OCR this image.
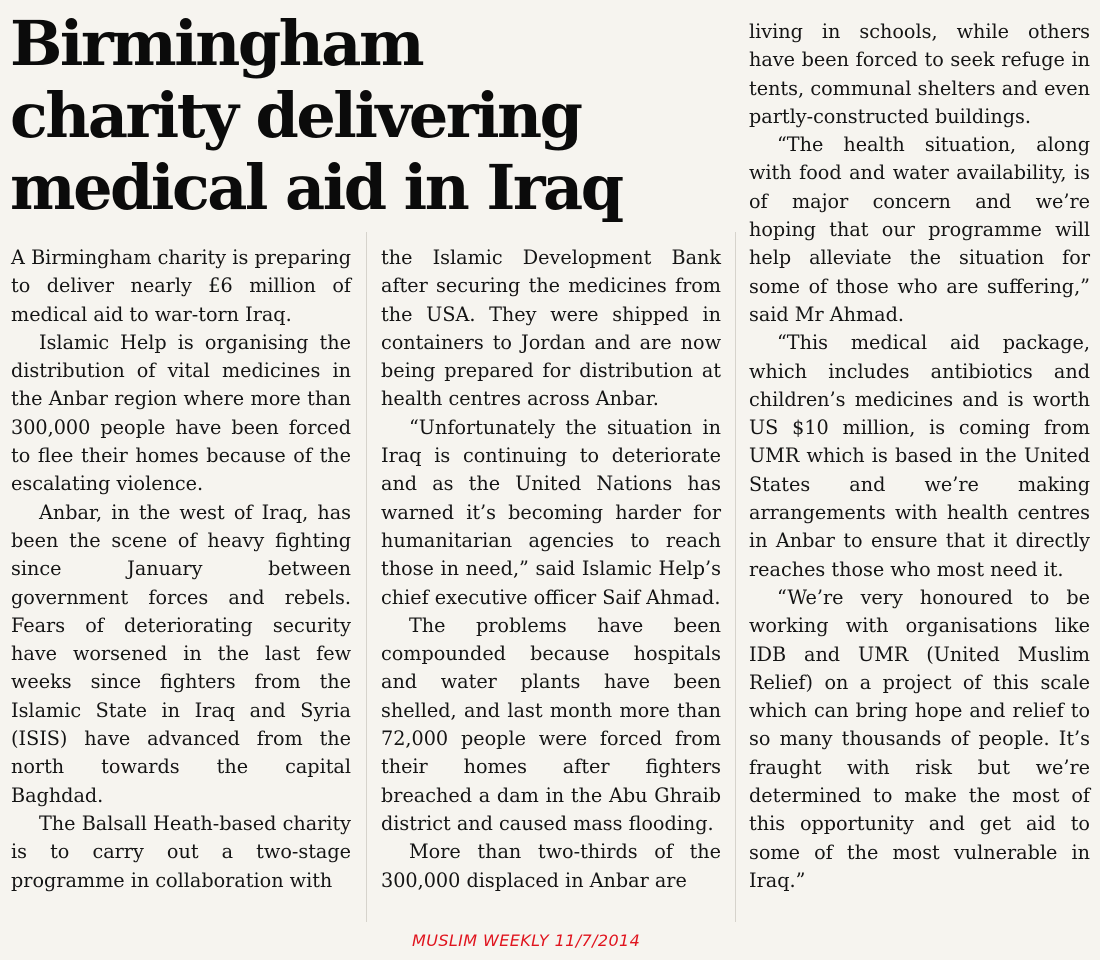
Birmingham
charity delivering
medical aid in Iraq

A Birmingham charity is preparing to deliver nearly £6 million of medical aid to war-torn Iraq.

Islamic Help is organising the distribution of vital medicines in the Anbar region where more than 300,000 people have been forced to flee their homes because of the escalating violence.

Anbar, in the west of Iraq, has been the scene of heavy fighting since January between government forces and rebels. Fears of deteriorating security have worsened in the last few weeks since fighters from the Islamic State in Iraq and Syria (ISIS) have advanced from the north towards the capital Baghdad.

The Balsall Heath-based charity is to carry out a two-stage programme in collaboration with

the Islamic Development Bank after securing the medicines from the USA. They were shipped in containers to Jordan and are now being prepared for distribution at health centres across Anbar.

“Unfortunately the situation in Iraq is continuing to deteriorate and as the United Nations has warned it’s becoming harder for humanitarian agencies to reach those in need,” said Islamic Help’s chief executive officer Saif Ahmad.

The problems have been compounded because hospitals and water plants have been shelled, and last month more than 72,000 people were forced from their homes after fighters breached a dam in the Abu Ghraib district and caused mass flooding.

More than two-thirds of the 300,000 displaced in Anbar are

living in schools, while others have been forced to seek refuge in tents, communal shelters and even partly-constructed buildings.

“The health situation, along with food and water availability, is of major concern and we’re hoping that our programme will help alleviate the situation for some of those who are suffering,” said Mr Ahmad.

“This medical aid package, which includes antibiotics and children’s medicines and is worth US $10 million, is coming from UMR which is based in the United States and we’re making arrangements with health centres in Anbar to ensure that it directly reaches those who most need it.

“We’re very honoured to be working with organisations like IDB and UMR (United Muslim Relief) on a project of this scale which can bring hope and relief to so many thousands of people. It’s fraught with risk but we’re determined to make the most of this opportunity and get aid to some of the most vulnerable in Iraq.”

MUSLIM WEEKLY 11/7/2014
